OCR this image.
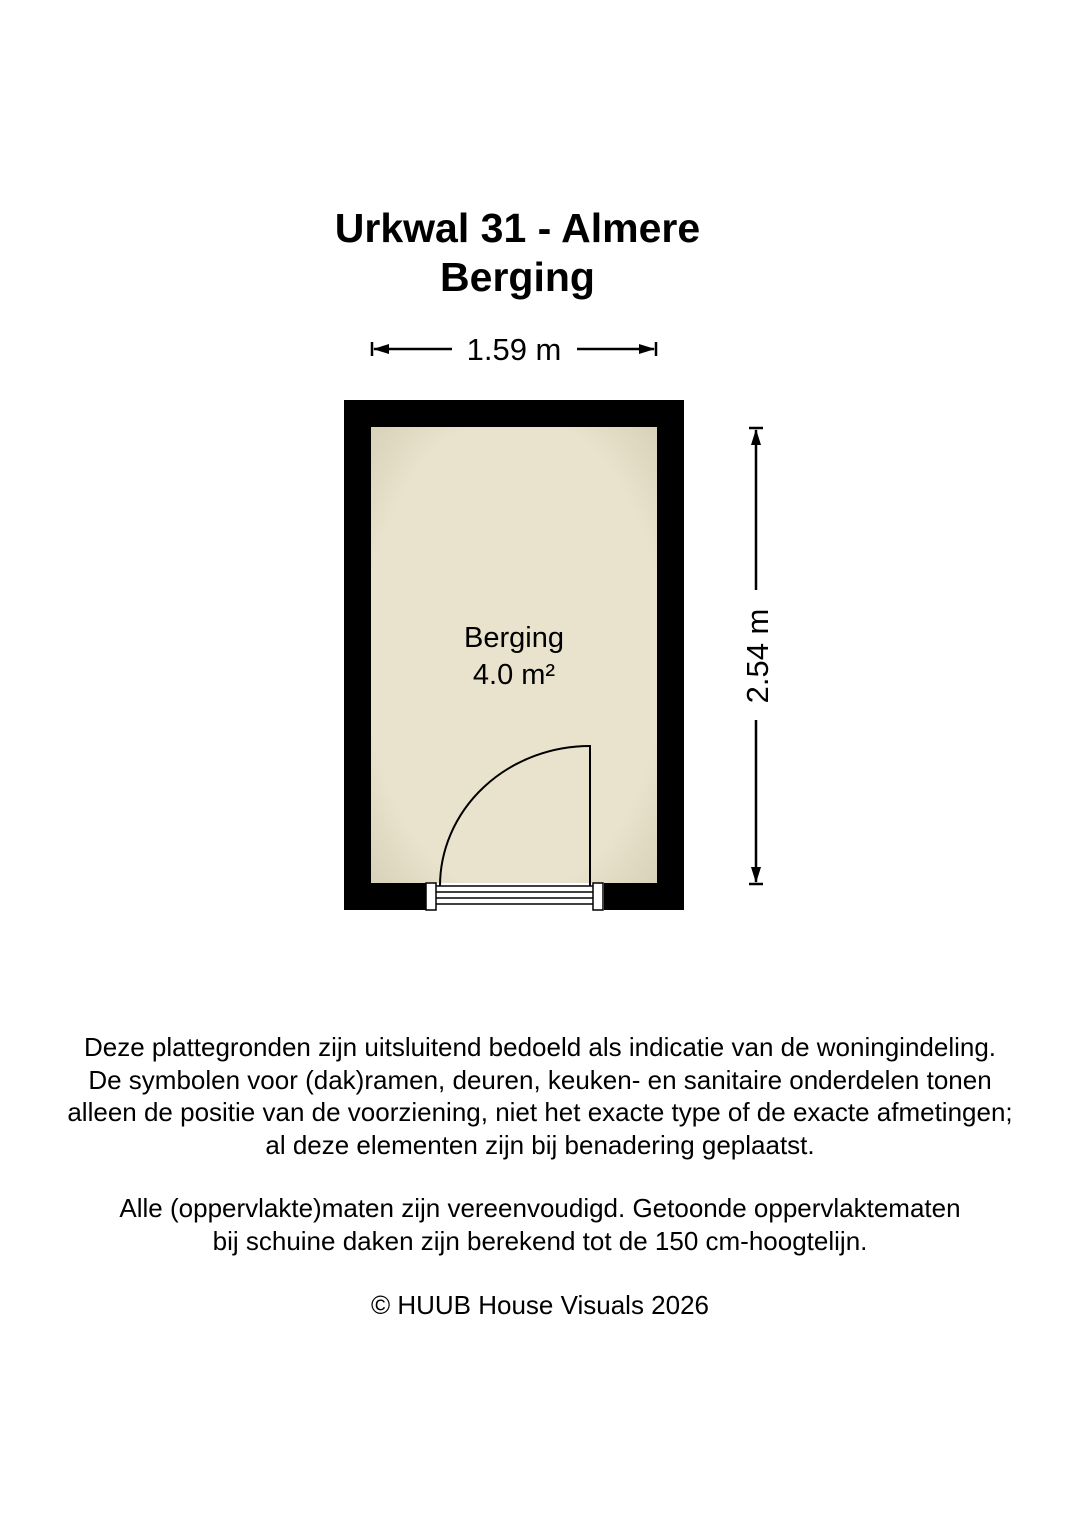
Urkwal 31 - Almere
Berging
1.59 m
2.54 m
Berging
4.0 m²

Deze plattegronden zijn uitsluitend bedoeld als indicatie van de woningindeling.

De symbolen voor (dak)ramen, deuren, keuken- en sanitaire onderdelen tonen

alleen de positie van de voorziening, niet het exacte type of de exacte afmetingen;

al deze elementen zijn bij benadering geplaatst.

Alle (oppervlakte)maten zijn vereenvoudigd. Getoonde oppervlaktematen

bij schuine daken zijn berekend tot de 150 cm-hoogtelijn.

© HUUB House Visuals 2026
